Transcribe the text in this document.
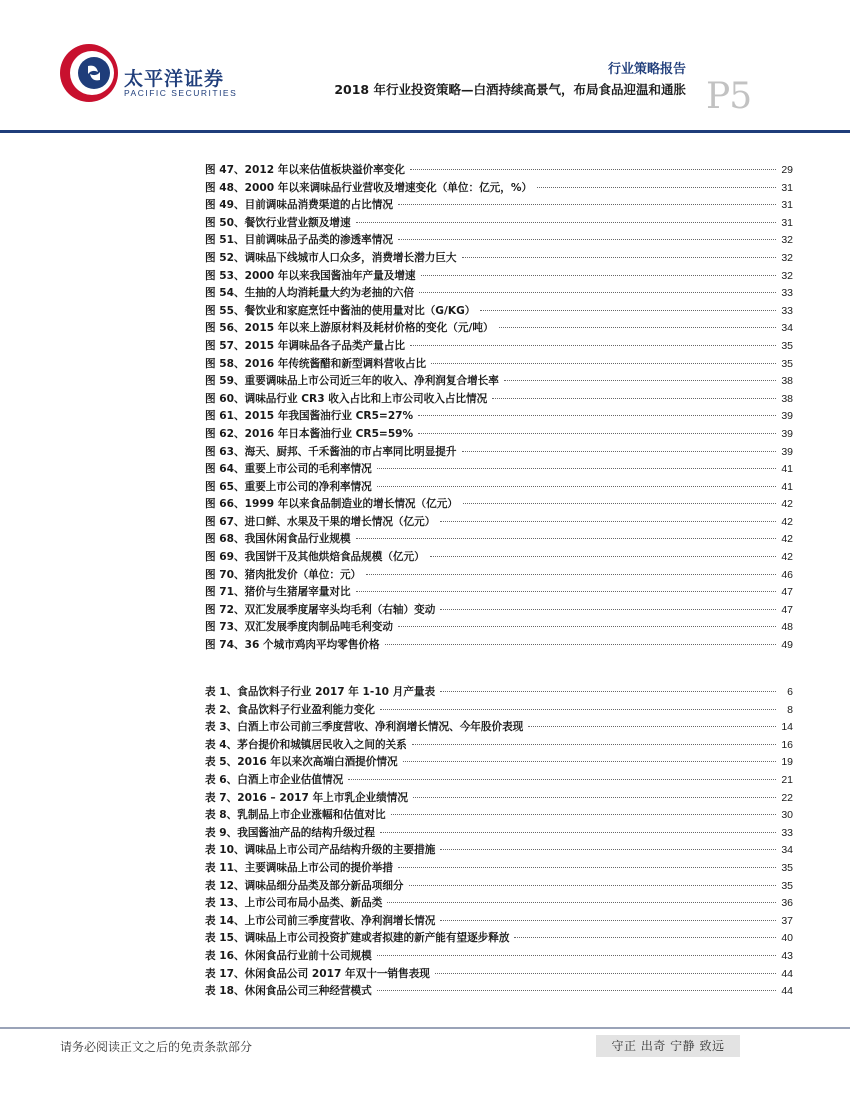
太平洋证券
PACIFIC SECURITIES
行业策略报告
2018 年行业投资策略—白酒持续高景气，布局食品迎温和通胀 P5
图 47、2012 年以来估值板块溢价率变化	29
图 48、2000 年以来调味品行业营收及增速变化（单位：亿元，%）	31
图 49、目前调味品消费渠道的占比情况	31
图 50、餐饮行业营业额及增速	31
图 51、目前调味品子品类的渗透率情况	32
图 52、调味品下线城市人口众多，消费增长潜力巨大	32
图 53、2000 年以来我国酱油年产量及增速	32
图 54、生抽的人均消耗量大约为老抽的六倍	33
图 55、餐饮业和家庭烹饪中酱油的使用量对比（G/KG）	33
图 56、2015 年以来上游原材料及耗材价格的变化（元/吨）	34
图 57、2015 年调味品各子品类产量占比	35
图 58、2016 年传统酱醋和新型调料营收占比	35
图 59、重要调味品上市公司近三年的收入、净利润复合增长率	38
图 60、调味品行业 CR3 收入占比和上市公司收入占比情况	38
图 61、2015 年我国酱油行业 CR5=27%	39
图 62、2016 年日本酱油行业 CR5=59%	39
图 63、海天、厨邦、千禾酱油的市占率同比明显提升	39
图 64、重要上市公司的毛利率情况	41
图 65、重要上市公司的净利率情况	41
图 66、1999 年以来食品制造业的增长情况（亿元）	42
图 67、进口鲜、水果及干果的增长情况（亿元）	42
图 68、我国休闲食品行业规模	42
图 69、我国饼干及其他烘焙食品规模（亿元）	42
图 70、猪肉批发价（单位：元）	46
图 71、猪价与生猪屠宰量对比	47
图 72、双汇发展季度屠宰头均毛利（右轴）变动	47
图 73、双汇发展季度肉制品吨毛利变动	48
图 74、36 个城市鸡肉平均零售价格	49
表 1、食品饮料子行业 2017 年 1-10 月产量表	6
表 2、食品饮料子行业盈利能力变化	8
表 3、白酒上市公司前三季度营收、净利润增长情况、今年股价表现	14
表 4、茅台提价和城镇居民收入之间的关系	16
表 5、2016 年以来次高端白酒提价情况	19
表 6、白酒上市企业估值情况	21
表 7、2016 – 2017 年上市乳企业绩情况	22
表 8、乳制品上市企业涨幅和估值对比	30
表 9、我国酱油产品的结构升级过程	33
表 10、调味品上市公司产品结构升级的主要措施	34
表 11、主要调味品上市公司的提价举措	35
表 12、调味品细分品类及部分新品项细分	35
表 13、上市公司布局小品类、新品类	36
表 14、上市公司前三季度营收、净利润增长情况	37
表 15、调味品上市公司投资扩建或者拟建的新产能有望逐步释放	40
表 16、休闲食品行业前十公司规模	43
表 17、休闲食品公司 2017 年双十一销售表现	44
表 18、休闲食品公司三种经营模式	44
请务必阅读正文之后的免责条款部分	守正 出奇 宁静 致远
